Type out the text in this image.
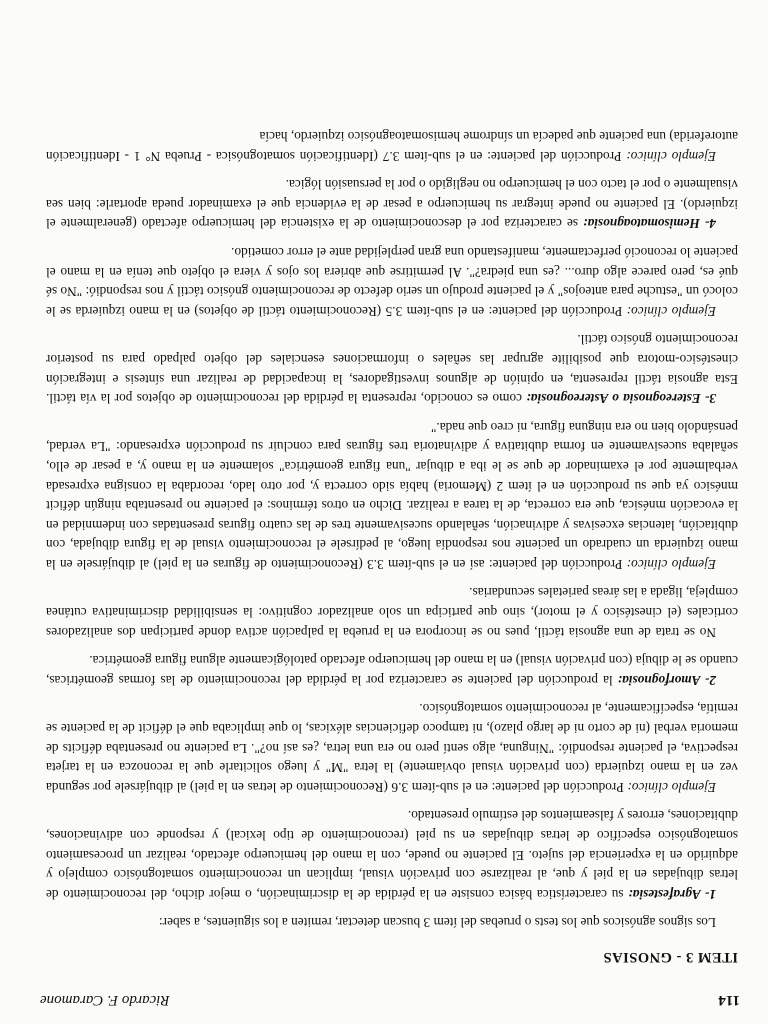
114
Ricardo F. Caramone
ITEM 3 - GNOSIAS

Los signos agnósicos que los tests o pruebas del ítem 3 buscan detectar, remiten a los siguientes, a saber:

1- Agrafestesia: su característica básica consiste en la pérdida de la discriminación, o mejor dicho, del reconocimiento de letras dibujadas en la piel y que, al realizarse con privación visual, implican un reconocimiento somatognósico complejo y adquirido en la experiencia del sujeto. El paciente no puede, con la mano del hemicuerpo afectado, realizar un procesamiento somatognósico específico de letras dibujadas en su piel (reconocimiento de tipo lexical) y responde con adivinaciones, dubitaciones, errores y falseamientos del estímulo presentado.

Ejemplo clínico: Producción del paciente: en el sub-ítem 3.6 (Reconocimiento de letras en la piel) al dibujársele por segunda vez en la mano izquierda (con privación visual obviamente) la letra "M" y luego solicitarle que la reconozca en la tarjeta respectiva, el paciente respondió: "Ninguna, algo sentí pero no era una letra, ¿es así no?". La paciente no presentaba déficits de memoria verbal (ni de corto ni de largo plazo), ni tampoco deficiencias aléxicas, lo que implicaba que el déficit de la paciente se remitía, específicamente, al reconocimiento somatognósico.

2- Amorfognosia: la producción del paciente se caracteriza por la pérdida del reconocimiento de las formas geométricas, cuando se le dibuja (con privación visual) en la mano del hemicuerpo afectado patológicamente alguna figura geométrica.

No se trata de una agnosia táctil, pues no se incorpora en la prueba la palpación activa donde participan dos analizadores corticales (el cinestésico y el motor), sino que participa un solo analizador cognitivo: la sensibilidad discriminativa cutánea compleja, ligada a las áreas parietales secundarias.

Ejemplo clínico: Producción del paciente: así en el sub-ítem 3.3 (Reconocimiento de figuras en la piel) al dibujársele en la mano izquierda un cuadrado un paciente nos respondía luego, al pedírsele el reconocimiento visual de la figura dibujada, con dubitación, latencias excesivas y adivinación, señalando sucesivamente tres de las cuatro figuras presentadas con indemnidad en la evocación mnésica, que era correcta, de la tarea a realizar. Dicho en otros términos: el paciente no presentaba ningún déficit mnésico ya que su producción en el ítem 2 (Memoria) había sido correcta y, por otro lado, recordaba la consigna expresada verbalmente por el examinador de que se le iba a dibujar "una figura geométrica" solamente en la mano y, a pesar de ello, señalaba sucesivamente en forma dubitativa y adivinatoria tres figuras para concluir su producción expresando: "La verdad, pensándolo bien no era ninguna figura, ni creo que nada."

3- Estereognosia o Astereognosia: como es conocido, representa la pérdida del reconocimiento de objetos por la vía táctil. Esta agnosia táctil representa, en opinión de algunos investigadores, la incapacidad de realizar una síntesis e integración cinestésico-motora que posibilite agrupar las señales o informaciones esenciales del objeto palpado para su posterior reconocimiento gnósico táctil.

Ejemplo clínico: Producción del paciente: en el sub-ítem 3.5 (Reconocimiento táctil de objetos) en la mano izquierda se le colocó un "estuche para anteojos" y el paciente produjo un serio defecto de reconocimiento gnósico táctil y nos respondió: "No sé qué es, pero parece algo duro... ¿es una piedra?". Al permitirse que abriera los ojos y viera el objeto que tenía en la mano el paciente lo reconoció perfectamente, manifestando una gran perplejidad ante el error cometido.

4- Hemisomatoagnosia: se caracteriza por el desconocimiento de la existencia del hemicuerpo afectado (generalmente el izquierdo). El paciente no puede integrar su hemicuerpo a pesar de la evidencia que el examinador pueda aportarle: bien sea visualmente o por el tacto con el hemicuerpo no negligido o por la persuasión lógica.

Ejemplo clínico: Producción del paciente: en el sub-ítem 3.7 (Identificación somatognósica - Prueba N° 1 - Identificación autoreferida) una paciente que padecía un síndrome hemisomatoagnósico izquierdo, hacía
